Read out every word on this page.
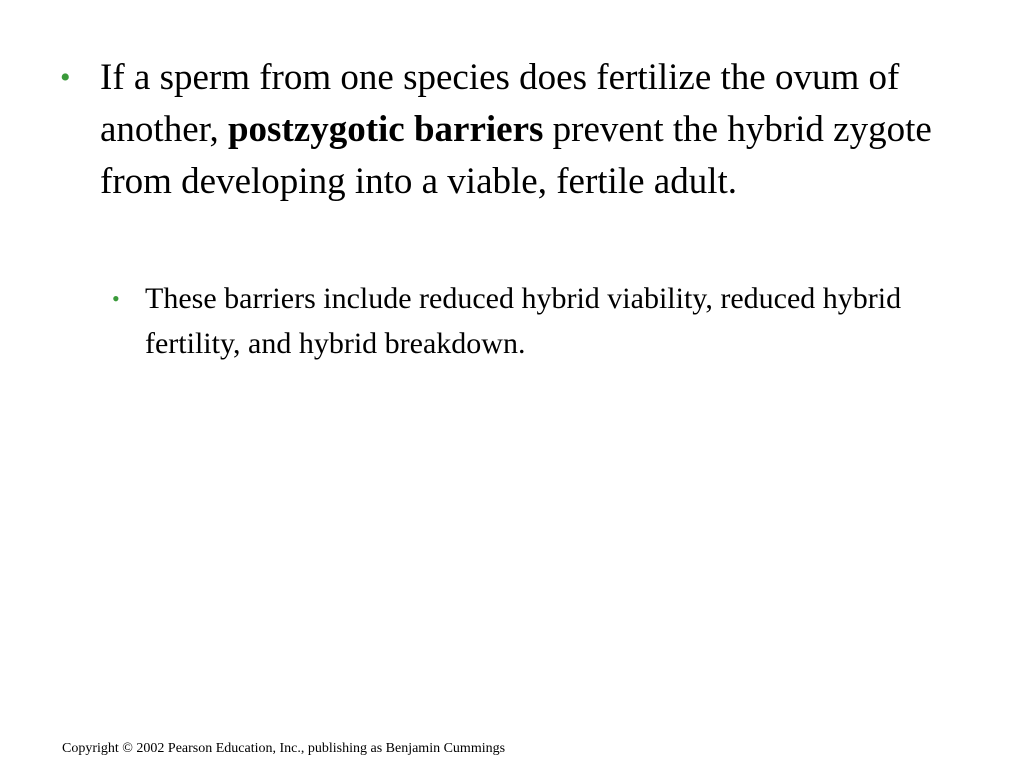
• If a sperm from one species does fertilize the ovum of another, postzygotic barriers prevent the hybrid zygote from developing into a viable, fertile adult.
• These barriers include reduced hybrid viability, reduced hybrid fertility, and hybrid breakdown.
Copyright © 2002 Pearson Education, Inc., publishing as Benjamin Cummings
